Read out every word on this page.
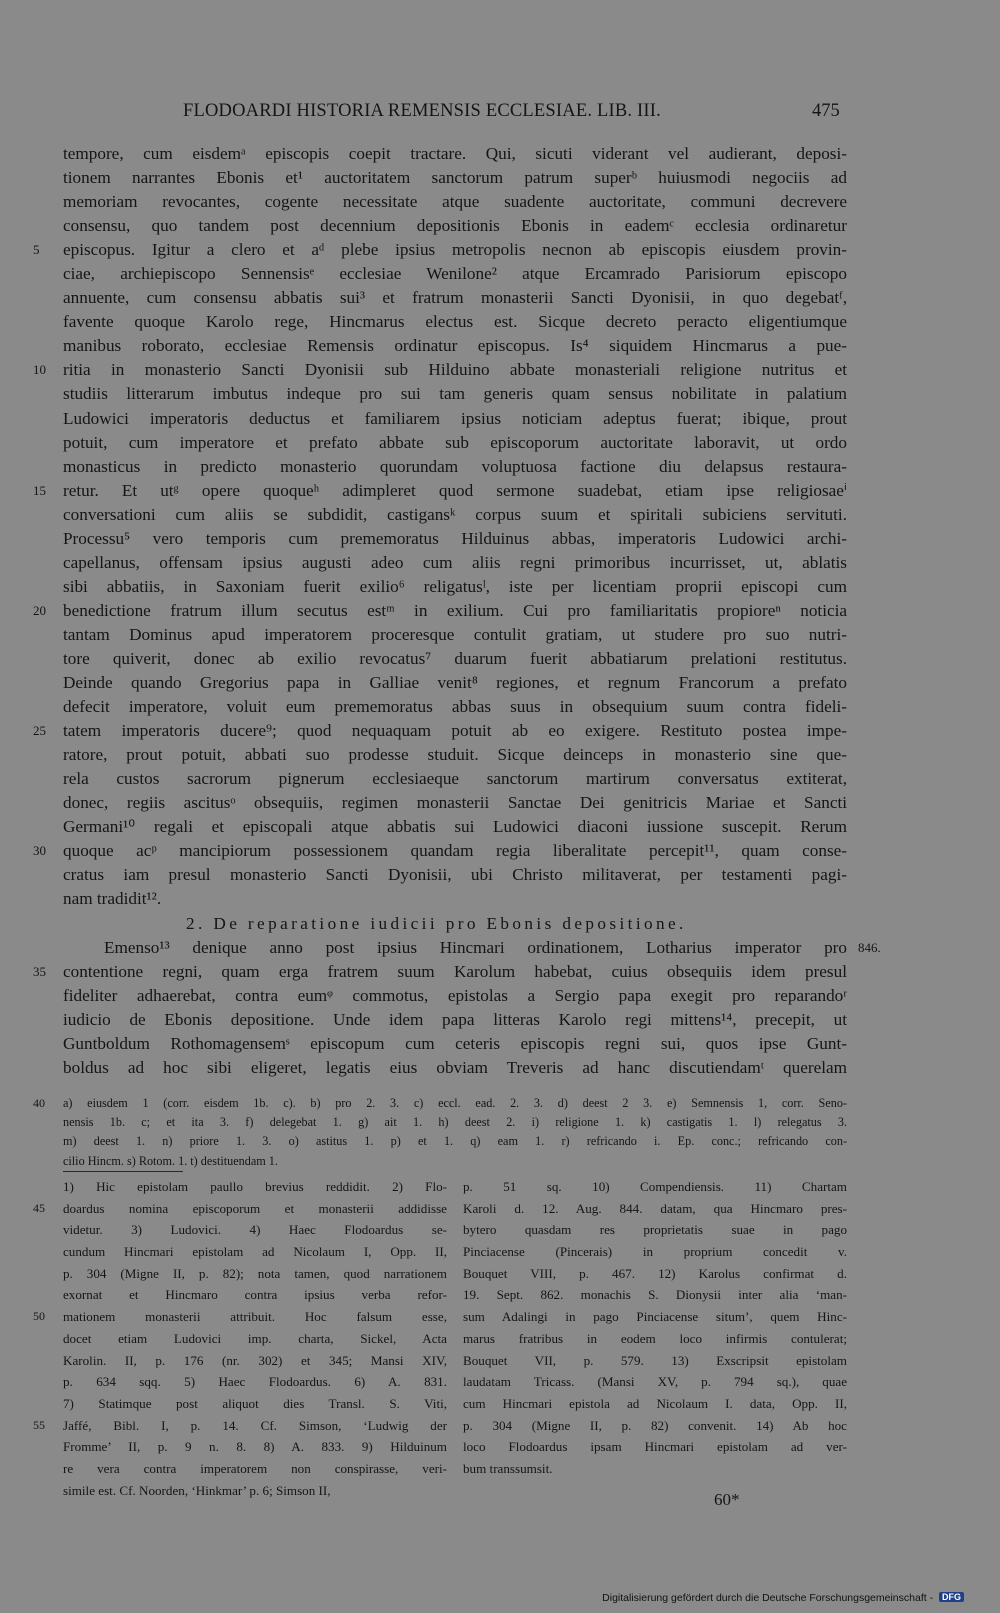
FLODOARDI HISTORIA REMENSIS ECCLESIAE. LIB. III.	475
tempore, cum eisdemᵃ episcopis coepit tractare. Qui, sicuti viderant vel audierant, deposi-
tionem narrantes Ebonis et¹ auctoritatem sanctorum patrum superᵇ huiusmodi negociis ad
memoriam revocantes, cogente necessitate atque suadente auctoritate, communi decrevere
consensu, quo tandem post decennium depositionis Ebonis in eademᶜ ecclesia ordinaretur
5	episcopus. Igitur a clero et aᵈ plebe ipsius metropolis necnon ab episcopis eiusdem provin-
ciae, archiepiscopo Sennensisᵉ ecclesiae Wenilone² atque Ercamrado Parisiorum episcopo
annuente, cum consensu abbatis sui³ et fratrum monasterii Sancti Dyonisii, in quo degebatᶠ,
favente quoque Karolo rege, Hincmarus electus est. Sicque decreto peracto eligentiumque
manibus roborato, ecclesiae Remensis ordinatur episcopus. Is⁴ siquidem Hincmarus a pue-
10 ritia in monasterio Sancti Dyonisii sub Hilduino abbate monasteriali religione nutritus et
studiis litterarum imbutus indeque pro sui tam generis quam sensus nobilitate in palatium
Ludowici imperatoris deductus et familiarem ipsius noticiam adeptus fuerat; ibique, prout
potuit, cum imperatore et prefato abbate sub episcoporum auctoritate laboravit, ut ordo
monasticus in predicto monasterio quorundam voluptuosa factione diu delapsus restaura-
15 retur. Et utᵍ opere quoqueʰ adimpleret quod sermone suadebat, etiam ipse religiosaeⁱ
conversationi cum aliis se subdidit, castigansᵏ corpus suum et spiritali subiciens servituti.
Processu⁵ vero temporis cum prememoratus Hilduinus abbas, imperatoris Ludowici archi-
capellanus, offensam ipsius augusti adeo cum aliis regni primoribus incurrisset, ut, ablatis
sibi abbatiis, in Saxoniam fuerit exilio⁶ religatusˡ, iste per licentiam proprii episcopi cum
20 benedictione fratrum illum secutus estᵐ in exilium. Cui pro familiaritatis propioreⁿ noticia
tantam Dominus apud imperatorem proceresque contulit gratiam, ut studere pro suo nutri-
tore quiverit, donec ab exilio revocatus⁷ duarum fuerit abbatiarum prelationi restitutus.
Deinde quando Gregorius papa in Galliae venit⁸ regiones, et regnum Francorum a prefato
defecit imperatore, voluit eum prememoratus abbas suus in obsequium suum contra fideli-
25 tatem imperatoris ducere⁹; quod nequaquam potuit ab eo exigere. Restituto postea impe-
ratore, prout potuit, abbati suo prodesse studuit. Sicque deinceps in monasterio sine que-
rela custos sacrorum pignerum ecclesiaeque sanctorum martirum conversatus extiterat,
donec, regiis ascitusᵒ obsequiis, regimen monasterii Sanctae Dei genitricis Mariae et Sancti
Germani¹⁰ regali et episcopali atque abbatis sui Ludowici diaconi iussione suscepit. Rerum
30 quoque acᵖ mancipiorum possessionem quandam regia liberalitate percepit¹¹, quam conse-
cratus iam presul monasterio Sancti Dyonisii, ubi Christo militaverat, per testamenti pagi-
nam tradidit¹².
2. De reparatione iudicii pro Ebonis depositione.
Emenso¹³ denique anno post ipsius Hincmari ordinationem, Lotharius imperator pro 846.
35 contentione regni, quam erga fratrem suum Karolum habebat, cuius obsequiis idem presul
fideliter adhaerebat, contra eumᵠ commotus, epistolas a Sergio papa exegit pro reparandoʳ
iudicio de Ebonis depositione. Unde idem papa litteras Karolo regi mittens¹⁴, precepit, ut
Guntboldum Rothomagensemˢ episcopum cum ceteris episcopis regni sui, quos ipse Gunt-
boldus ad hoc sibi eligeret, legatis eius obviam Treveris ad hanc discutiendamᵗ querelam
40 a) eiusdem 1 (corr. eisdem 1b. c). b) pro 2. 3. c) eccl. ead. 2. 3. d) deest 2 3. e) Semnensis 1, corr. Seno-
nensis 1b. c; et ita 3. f) delegebat 1. g) ait 1. h) deest 2. i) religione 1. k) castigatis 1. l) relegatus 3.
m) deest 1. n) priore 1. 3. o) astitus 1. p) et 1. q) eam 1. r) refricando i. Ep. conc.; refricando con-
cilio Hincm. s) Rotom. 1. t) destituendam 1.
1) Hic epistolam paullo brevius reddidit. 2) Flo- p. 51 sq. 10) Compendiensis. 11) Chartam
45 doardus nomina episcoporum et monasterii addidisse Karoli d. 12. Aug. 844. datam, qua Hincmaro pres-
videtur. 3) Ludovici. 4) Haec Flodoardus se- bytero quasdam res proprietatis suae in pago
cundum Hincmari epistolam ad Nicolaum I, Opp. II, Pinciacense (Pincerais) in proprium concedit v.
p. 304 (Migne II, p. 82); nota tamen, quod narrationem Bouquet VIII, p. 467. 12) Karolus confirmat d.
exornat et Hincmaro contra ipsius verba refor- 19. Sept. 862. monachis S. Dionysii inter alia ‘man-
50 mationem monasterii attribuit. Hoc falsum esse, sum Adalingi in pago Pinciacense situm’, quem Hinc-
docet etiam Ludovici imp. charta, Sickel, Acta marus fratribus in eodem loco infirmis contulerat;
Karolin. II, p. 176 (nr. 302) et 345; Mansi XIV, Bouquet VII, p. 579. 13) Exscripsit epistolam
p. 634 sqq. 5) Haec Flodoardus. 6) A. 831. laudatam Tricass. (Mansi XV, p. 794 sq.), quae
7) Statimque post aliquot dies Transl. S. Viti, cum Hincmari epistola ad Nicolaum I. data, Opp. II,
55 Jaffé, Bibl. I, p. 14. Cf. Simson, ‘Ludwig der p. 304 (Migne II, p. 82) convenit. 14) Ab hoc
Fromme’ II, p. 9 n. 8. 8) A. 833. 9) Hilduinum loco Flodoardus ipsam Hincmari epistolam ad ver-
re vera contra imperatorem non conspirasse, veri- bum transsumsit.
simile est. Cf. Noorden, ‘Hinkmar’ p. 6; Simson II,	60*
Digitalisierung gefördert durch die Deutsche Forschungsgemeinschaft - DFG
